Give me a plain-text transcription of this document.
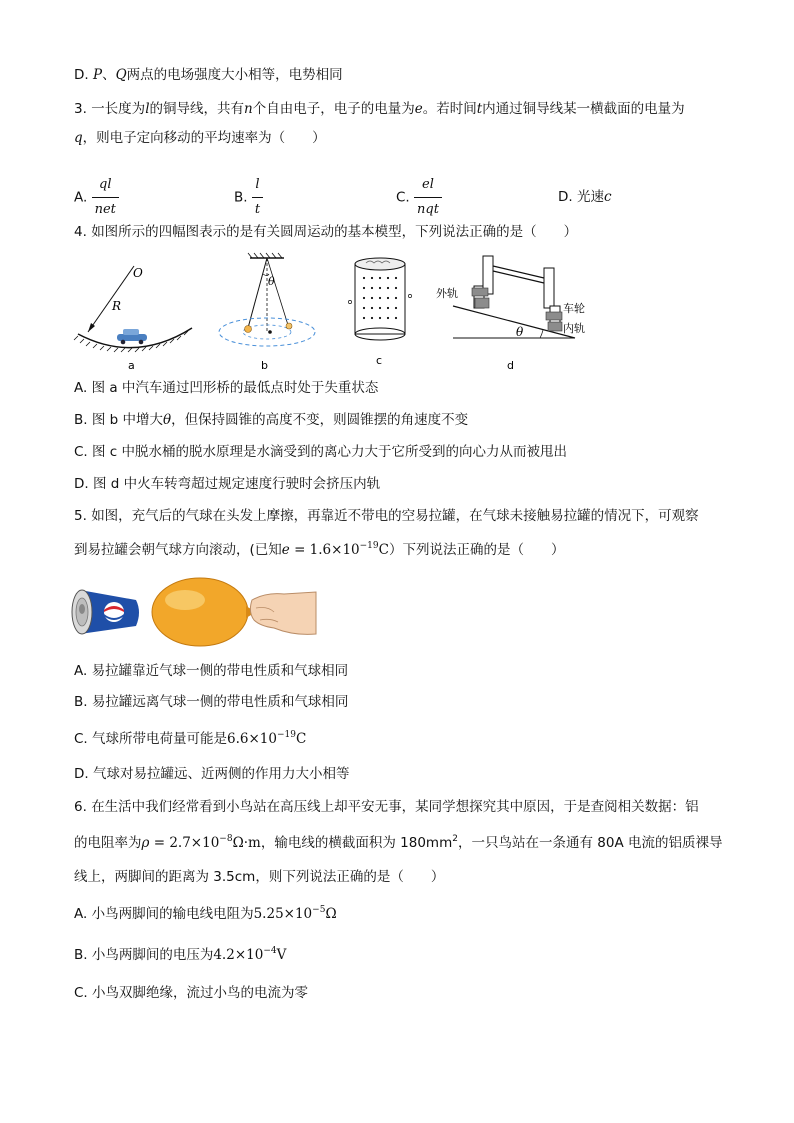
D. P、Q两点的电场强度大小相等，电势相同
3. 一长度为l的铜导线，共有n个自由电子，电子的电量为e。若时间t内通过铜导线某一横截面的电量为
q，则电子定向移动的平均速率为（　　）
A. $\frac{ql}{\text{net}}$	B. $\frac{l}{t}$	C. $\frac{el}{\text{nqt}}$	D. 光速c
4. 如图所示的四幅图表示的是有关圆周运动的基本模型，下列说法正确的是（　　）
O
R
a
θ
b	c
外轨
车轮
内轨
θ
d
A. 图 a 中汽车通过凹形桥的最低点时处于失重状态
B. 图 b 中增大θ，但保持圆锥的高度不变，则圆锥摆的角速度不变
C. 图 c 中脱水桶的脱水原理是水滴受到的离心力大于它所受到的向心力从而被甩出
D. 图 d 中火车转弯超过规定速度行驶时会挤压内轨
5. 如图，充气后的气球在头发上摩擦，再靠近不带电的空易拉罐，在气球未接触易拉罐的情况下，可观察
到易拉罐会朝气球方向滚动，(已知$e = 1.6\times 10^{-19}C$）下列说法正确的是（　　）
A. 易拉罐靠近气球一侧的带电性质和气球相同
B. 易拉罐远离气球一侧的带电性质和气球相同
C. 气球所带电荷量可能是$6.6\times 10^{-19}C$
D. 气球对易拉罐远、近两侧的作用力大小相等
6. 在生活中我们经常看到小鸟站在高压线上却平安无事，某同学想探究其中原因，于是查阅相关数据：铝
的电阻率为$\rho = 2.7\times 10^{-8}\Omega\cdot m$，输电线的横截面积为 $180mm^2$，一只鸟站在一条通有 80A 电流的铝质裸导
线上，两脚间的距离为 3.5cm，则下列说法正确的是（　　）
A. 小鸟两脚间的输电线电阻为$5.25\times 10^{-5}\Omega$
B. 小鸟两脚间的电压为$4.2\times 10^{-4}V$
C. 小鸟双脚绝缘，流过小鸟的电流为零
